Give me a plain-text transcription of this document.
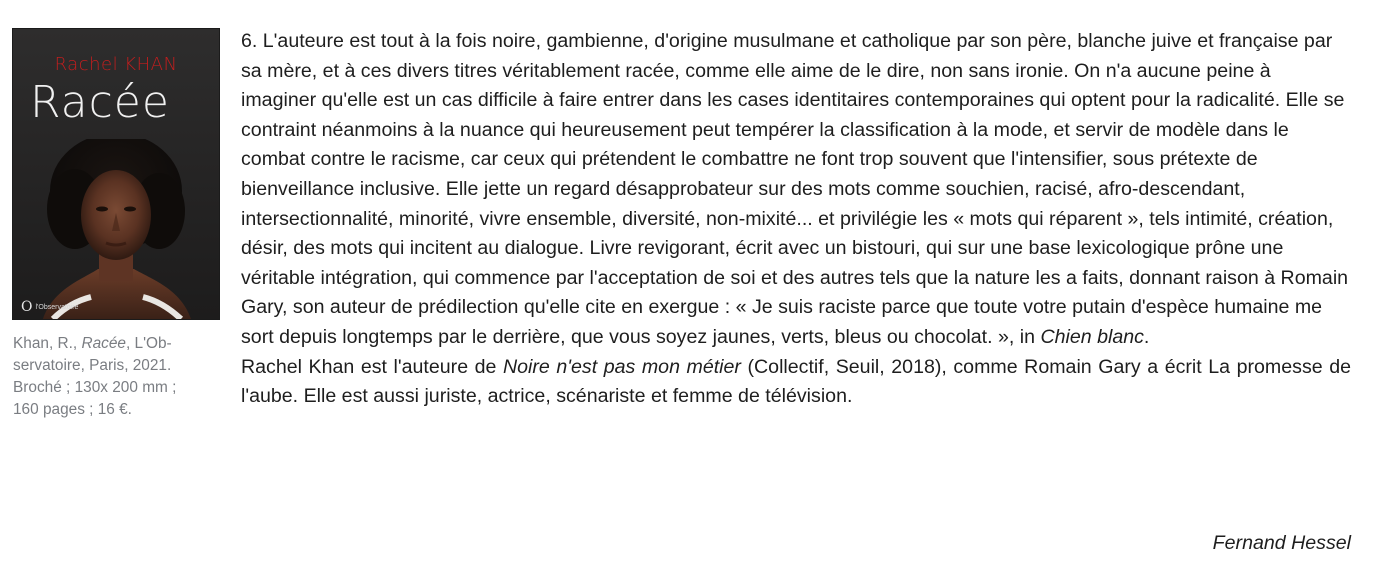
Rachel KHAN
Racée
O l'Observatoire
Khan, R., Racée, L'Observatoire, Paris, 2021.
Broché ; 130x 200 mm ;
160 pages ; 16 €.

6. L'auteure est tout à la fois noire, gambienne, d'origine musulmane et catholique par son père, blanche juive et française par sa mère, et à ces divers titres véritablement racée, comme elle aime de le dire, non sans ironie. On n'a aucune peine à imaginer qu'elle est un cas difficile à faire entrer dans les cases identitaires contemporaines qui optent pour la radicalité. Elle se contraint néanmoins à la nuance qui heureusement peut tempérer la classification à la mode, et servir de modèle dans le combat contre le racisme, car ceux qui prétendent le combattre ne font trop souvent que l'intensifier, sous prétexte de bienveillance inclusive. Elle jette un regard désapprobateur sur des mots comme souchien, racisé, afro-descendant, intersectionnalité, minorité, vivre ensemble, diversité, non-mixité... et privilégie les « mots qui réparent », tels intimité, création, désir, des mots qui incitent au dialogue. Livre revigorant, écrit avec un bistouri, qui sur une base lexicologique prône une véritable intégration, qui commence par l'acceptation de soi et des autres tels que la nature les a faits, donnant raison à Romain Gary, son auteur de prédilection qu'elle cite en exergue : « Je suis raciste parce que toute votre putain d'espèce humaine me sort depuis longtemps par le derrière, que vous soyez jaunes, verts, bleus ou chocolat. », in Chien blanc.

Rachel Khan est l'auteure de Noire n'est pas mon métier (Collectif, Seuil, 2018), comme Romain Gary a écrit La promesse de l'aube. Elle est aussi juriste, actrice, scénariste et femme de télévision.

Fernand Hessel
